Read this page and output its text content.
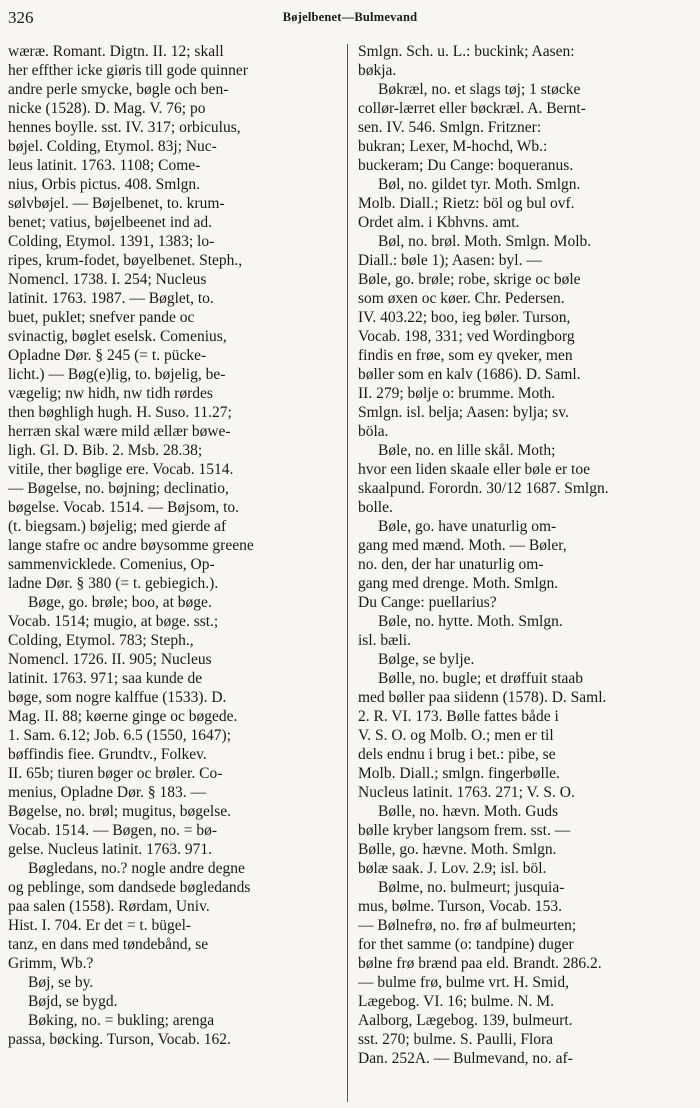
326	Bøjelbenet—Bulmevand
wæræ. Romant. Digtn. II. 12; skall
her effther icke giøris till gode quinner
andre perle smycke, bøgle och ben-
nicke (1528). D. Mag. V. 76; po
hennes boylle. sst. IV. 317; orbiculus,
bøjel. Colding, Etymol. 83j; Nuc-
leus latinit. 1763. 1108; Come-
nius, Orbis pictus. 408. Smlgn.
sølvbøjel. — Bøjelbenet, to. krum-
benet; vatius, bøjelbeenet ind ad.
Colding, Etymol. 1391, 1383; lo-
ripes, krum-fodet, bøyelbenet. Steph.,
Nomencl. 1738. I. 254; Nucleus
latinit. 1763. 1987. — Bøglet, to.
buet, puklet; snefver pande oc
svinactig, bøglet eselsk. Comenius,
Opladne Dør. § 245 (= t. pücke-
licht.) — Bøg(e)lig, to. bøjelig, be-
vægelig; nw hidh, nw tidh rørdes
then bøghligh hugh. H. Suso. 11.27;
herræn skal wære mild ællær bøwe-
ligh. Gl. D. Bib. 2. Msb. 28.38;
vitile, ther bøglige ere. Vocab. 1514.
— Bøgelse, no. bøjning; declinatio,
bøgelse. Vocab. 1514. — Bøjsom, to.
(t. biegsam.) bøjelig; med gierde af
lange stafre oc andre bøysomme greene
sammenvicklede. Comenius, Op-
ladne Dør. § 380 (= t. gebiegich.).
Bøge, go. brøle; boo, at bøge.
Vocab. 1514; mugio, at bøge. sst.;
Colding, Etymol. 783; Steph.,
Nomencl. 1726. II. 905; Nucleus
latinit. 1763. 971; saa kunde de
bøge, som nogre kalffue (1533). D.
Mag. II. 88; køerne ginge oc bøgede.
1. Sam. 6.12; Job. 6.5 (1550, 1647);
bøffindis fiee. Grundtv., Folkev.
II. 65b; tiuren bøger oc brøler. Co-
menius, Opladne Dør. § 183. —
Bøgelse, no. brøl; mugitus, bøgelse.
Vocab. 1514. — Bøgen, no. = bø-
gelse. Nucleus latinit. 1763. 971.
Bøgledans, no.? nogle andre degne
og peblinge, som dandsede bøgledands
paa salen (1558). Rørdam, Univ.
Hist. I. 704. Er det = t. bügel-
tanz, en dans med tøndebånd, se
Grimm, Wb.?
Bøj, se by.
Bøjd, se bygd.
Bøking, no. = bukling; arenga
passa, bøcking. Turson, Vocab. 162.
Smlgn. Sch. u. L.: buckink; Aasen:
bøkja.
Bøkræl, no. et slags tøj; 1 støcke
collør-lærret eller bøckræl. A. Bernt-
sen. IV. 546. Smlgn. Fritzner:
bukran; Lexer, M-hochd, Wb.:
buckeram; Du Cange: boqueranus.
Bøl, no. gildet tyr. Moth. Smlgn.
Molb. Diall.; Rietz: böl og bul ovf.
Ordet alm. i Kbhvns. amt.
Bøl, no. brøl. Moth. Smlgn. Molb.
Diall.: bøle 1); Aasen: byl. —
Bøle, go. brøle; robe, skrige oc bøle
som øxen oc køer. Chr. Pedersen.
IV. 403.22; boo, ieg bøler. Turson,
Vocab. 198, 331; ved Wordingborg
findis en frøe, som ey qveker, men
bøller som en kalv (1686). D. Saml.
II. 279; bølje o: brumme. Moth.
Smlgn. isl. belja; Aasen: bylja; sv.
böla.
Bøle, no. en lille skål. Moth;
hvor een liden skaale eller bøle er toe
skaalpund. Forordn. 30/12 1687. Smlgn.
bolle.
Bøle, go. have unaturlig om-
gang med mænd. Moth. — Bøler,
no. den, der har unaturlig om-
gang med drenge. Moth. Smlgn.
Du Cange: puellarius?
Bøle, no. hytte. Moth. Smlgn.
isl. bæli.
Bølge, se bylje.
Bølle, no. bugle; et drøffuit staab
med bøller paa siidenn (1578). D. Saml.
2. R. VI. 173. Bølle fattes både i
V. S. O. og Molb. O.; men er til
dels endnu i brug i bet.: pibe, se
Molb. Diall.; smlgn. fingerbølle.
Nucleus latinit. 1763. 271; V. S. O.
Bølle, no. hævn. Moth. Guds
bølle kryber langsom frem. sst. —
Bølle, go. hævne. Moth. Smlgn.
bølæ saak. J. Lov. 2.9; isl. böl.
Bølme, no. bulmeurt; jusquia-
mus, bølme. Turson, Vocab. 153.
— Bølnefrø, no. frø af bulmeurten;
for thet samme (o: tandpine) duger
bølne frø brænd paa eld. Brandt. 286.2.
— bulme frø, bulme vrt. H. Smid,
Lægebog. VI. 16; bulme. N. M.
Aalborg, Lægebog. 139, bulmeurt.
sst. 270; bulme. S. Paulli, Flora
Dan. 252A. — Bulmevand, no. af-
